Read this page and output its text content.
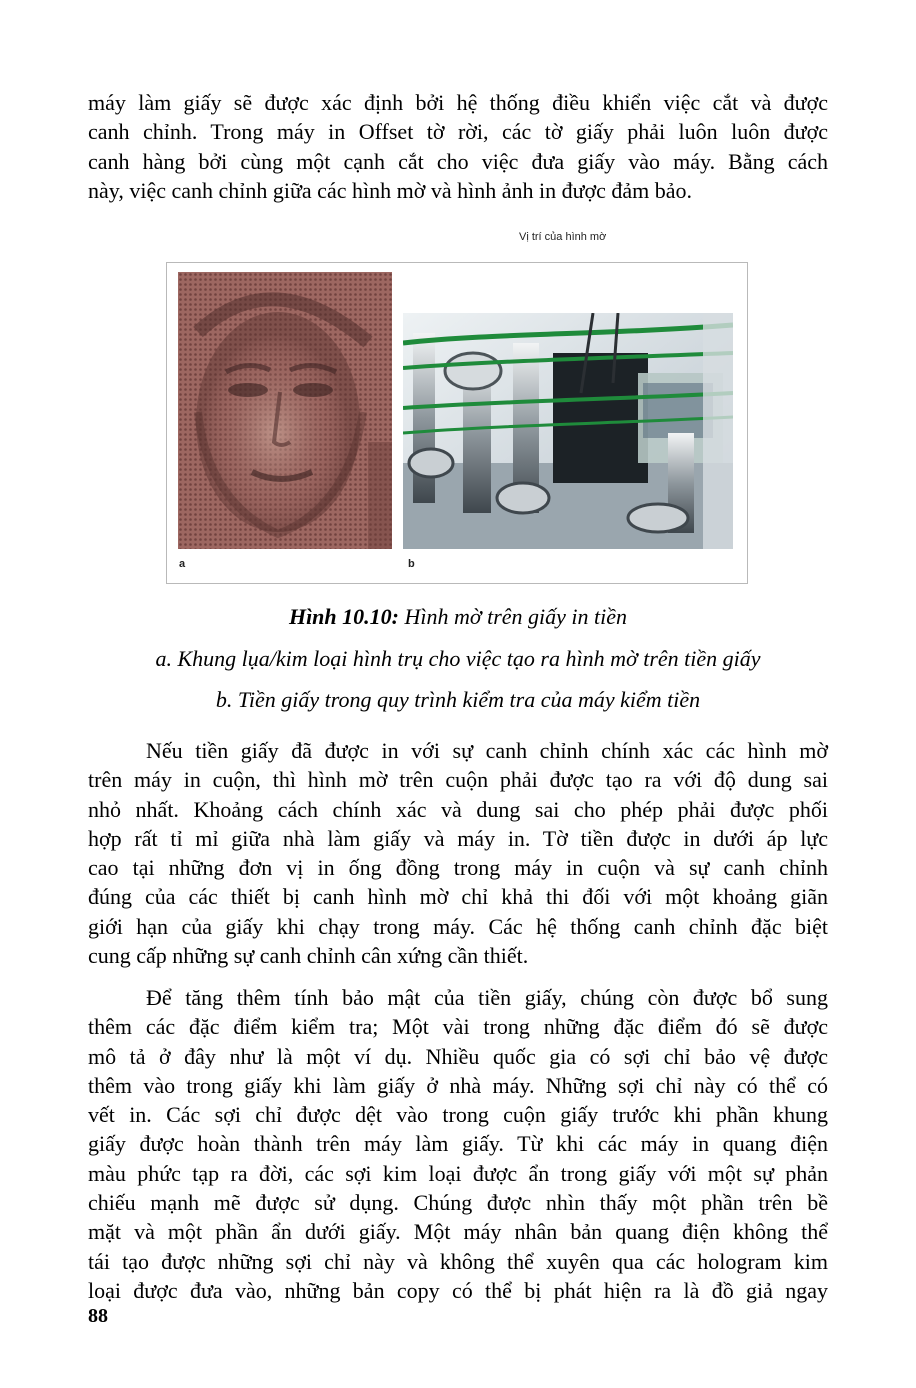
máy làm giấy sẽ được xác định bởi hệ thống điều khiển việc cắt và được
canh chỉnh. Trong máy in Offset tờ rời, các tờ giấy phải luôn luôn được
canh hàng bởi cùng một cạnh cắt cho việc đưa giấy vào máy. Bằng cách
này, việc canh chỉnh giữa các hình mờ và hình ảnh in được đảm bảo.
Vị trí của hình mờ
a	b

Hình 10.10: Hình mờ trên giấy in tiền

a. Khung lụa/kim loại hình trụ cho việc tạo ra hình mờ trên tiền giấy

b. Tiền giấy trong quy trình kiểm tra của máy kiểm tiền

Nếu tiền giấy đã được in với sự canh chỉnh chính xác các hình mờ
trên máy in cuộn, thì hình mờ trên cuộn phải được tạo ra với độ dung sai
nhỏ nhất. Khoảng cách chính xác và dung sai cho phép phải được phối
hợp rất tỉ mỉ giữa nhà làm giấy và máy in. Tờ tiền được in dưới áp lực
cao tại những đơn vị in ống đồng trong máy in cuộn và sự canh chỉnh
đúng của các thiết bị canh hình mờ chỉ khả thi đối với một khoảng giãn
giới hạn của giấy khi chạy trong máy. Các hệ thống canh chỉnh đặc biệt
cung cấp những sự canh chỉnh cân xứng cần thiết.
Để tăng thêm tính bảo mật của tiền giấy, chúng còn được bổ sung
thêm các đặc điểm kiểm tra; Một vài trong những đặc điểm đó sẽ được
mô tả ở đây như là một ví dụ. Nhiều quốc gia có sợi chỉ bảo vệ được
thêm vào trong giấy khi làm giấy ở nhà máy. Những sợi chỉ này có thể có
vết in. Các sợi chỉ được dệt vào trong cuộn giấy trước khi phần khung
giấy được hoàn thành trên máy làm giấy. Từ khi các máy in quang điện
màu phức tạp ra đời, các sợi kim loại được ẩn trong giấy với một sự phản
chiếu mạnh mẽ được sử dụng. Chúng được nhìn thấy một phần trên bề
mặt và một phần ẩn dưới giấy. Một máy nhân bản quang điện không thể
tái tạo được những sợi chỉ này và không thể xuyên qua các hologram kim
loại được đưa vào, những bản copy có thể bị phát hiện ra là đồ giả ngay
88
